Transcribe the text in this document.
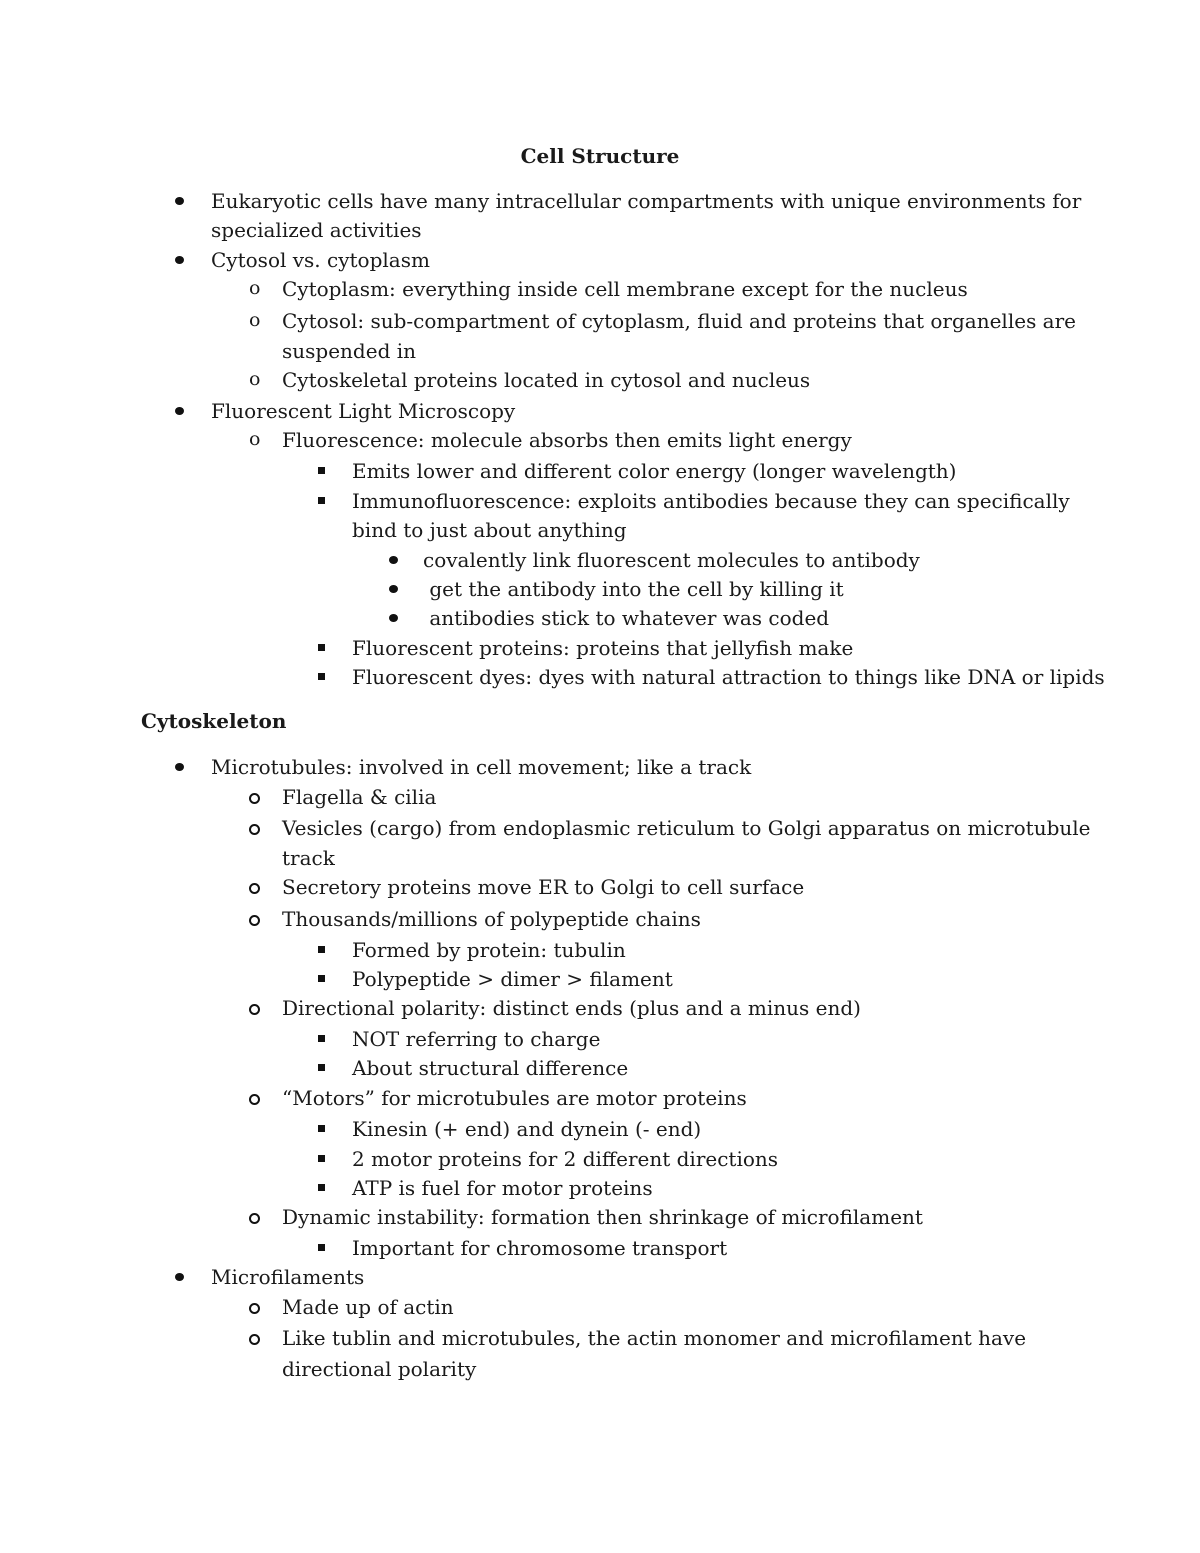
Cell Structure
Eukaryotic cells have many intracellular compartments with unique environments for
specialized activities
Cytosol vs. cytoplasm
o Cytoplasm: everything inside cell membrane except for the nucleus
o Cytosol: sub-compartment of cytoplasm, fluid and proteins that organelles are
suspended in
o Cytoskeletal proteins located in cytosol and nucleus
Fluorescent Light Microscopy
o Fluorescence: molecule absorbs then emits light energy
Emits lower and different color energy (longer wavelength)
Immunofluorescence: exploits antibodies because they can specifically
bind to just about anything
covalently link fluorescent molecules to antibody
get the antibody into the cell by killing it
antibodies stick to whatever was coded
Fluorescent proteins: proteins that jellyfish make
Fluorescent dyes: dyes with natural attraction to things like DNA or lipids
Cytoskeleton
Microtubules: involved in cell movement; like a track
Flagella & cilia
Vesicles (cargo) from endoplasmic reticulum to Golgi apparatus on microtubule
track
Secretory proteins move ER to Golgi to cell surface
Thousands/millions of polypeptide chains
Formed by protein: tubulin
Polypeptide > dimer > filament
Directional polarity: distinct ends (plus and a minus end)
NOT referring to charge
About structural difference
“Motors” for microtubules are motor proteins
Kinesin (+ end) and dynein (- end)
2 motor proteins for 2 different directions
ATP is fuel for motor proteins
Dynamic instability: formation then shrinkage of microfilament
Important for chromosome transport
Microfilaments
Made up of actin
Like tublin and microtubules, the actin monomer and microfilament have
directional polarity
